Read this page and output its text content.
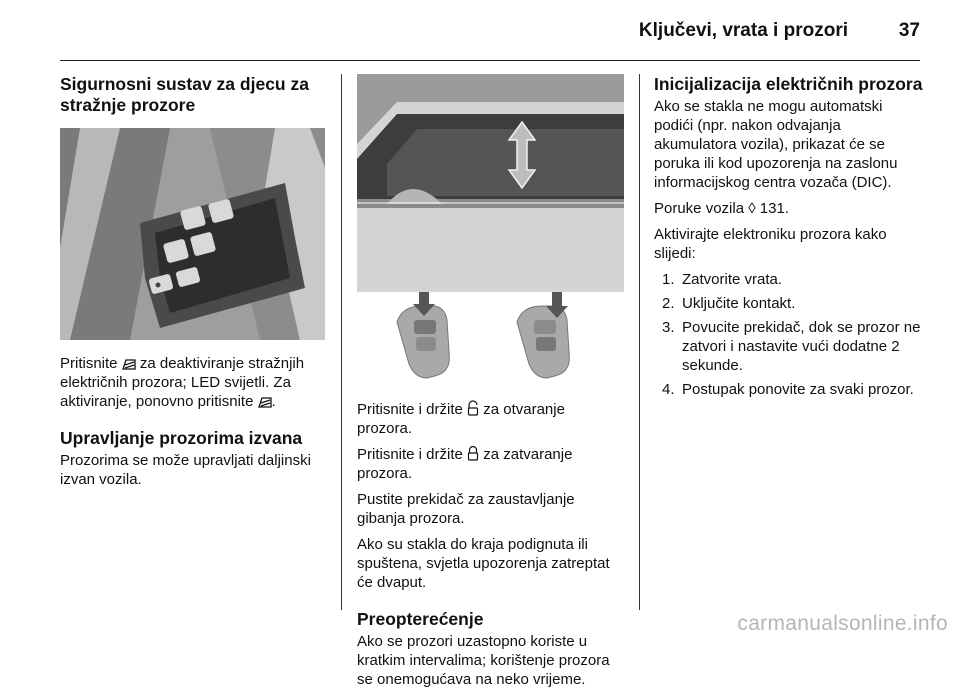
Ključevi, vrata i prozori	37
Sigurnosni sustav za djecu za stražnje prozore
Pritisnite  za deaktiviranje stražnjih električnih prozora; LED svijetli. Za aktiviranje, ponovno pritisnite .
Upravljanje prozorima izvana
Prozorima se može upravljati daljinski izvan vozila.
Pritisnite i držite  za otvaranje prozora.
Pritisnite i držite  za zatvaranje prozora.
Pustite prekidač za zaustavljanje gibanja prozora.
Ako su stakla do kraja podignuta ili spuštena, svjetla upozorenja zatreptat će dvaput.
Preopterećenje
Ako se prozori uzastopno koriste u kratkim intervalima; korištenje prozora se onemogućava na neko vrijeme.
Inicijalizacija električnih prozora
Ako se stakla ne mogu automatski podići (npr. nakon odvajanja akumulatora vozila), prikazat će se poruka ili kod upozorenja na zaslonu informacijskog centra vozača (DIC).
Poruke vozila ◊ 131.
Aktivirajte elektroniku prozora kako slijedi:
1. Zatvorite vrata.
2. Uključite kontakt.
3. Povucite prekidač, dok se prozor ne zatvori i nastavite vući dodatne 2 sekunde.
4. Postupak ponovite za svaki prozor.
carmanualsonline.info
